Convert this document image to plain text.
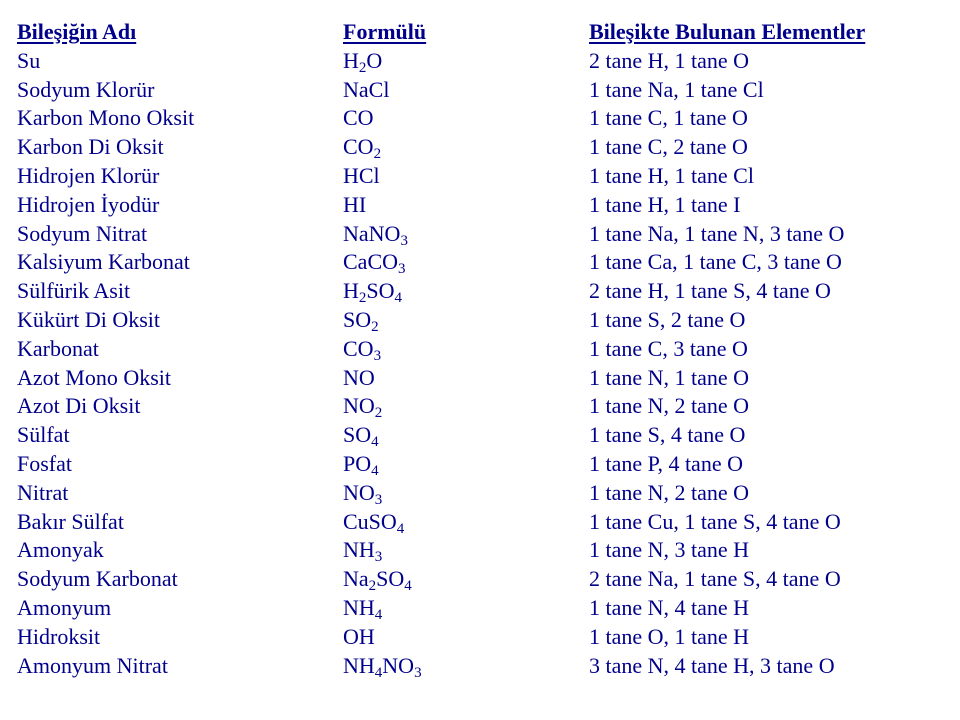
Bileşiğin Adı	Formülü	Bileşikte Bulunan Elementler
Su	$H_2O$	2 tane H, 1 tane O
Sodyum Klorür	NaCl	1 tane Na, 1 tane Cl
Karbon Mono Oksit	CO	1 tane C, 1 tane O
Karbon Di Oksit	$CO_2$	1 tane C, 2 tane O
Hidrojen Klorür	HCl	1 tane H, 1 tane Cl
Hidrojen İyodür	HI	1 tane H, 1 tane I
Sodyum Nitrat	NaNO$_3$	1 tane Na, 1 tane N, 3 tane O
Kalsiyum Karbonat	CaCO$_3$	1 tane Ca, 1 tane C, 3 tane O
Sülfürik Asit	$H_2SO_4$	2 tane H, 1 tane S, 4 tane O
Kükürt Di Oksit	$SO_2$	1 tane S, 2 tane O
Karbonat	$CO_3$	1 tane C, 3 tane O
Azot Mono Oksit	NO	1 tane N, 1 tane O
Azot Di Oksit	$NO_2$	1 tane N, 2 tane O
Sülfat	$SO_4$	1 tane S, 4 tane O
Fosfat	$PO_4$	1 tane P, 4 tane O
Nitrat	$NO_3$	1 tane N, 2 tane O
Bakır Sülfat	CuSO$_4$	1 tane Cu, 1 tane S, 4 tane O
Amonyak	$NH_3$	1 tane N, 3 tane H
Sodyum Karbonat	$Na_2SO_4$	2 tane Na, 1 tane S, 4 tane O
Amonyum	$NH_4$	1 tane N, 4 tane H
Hidroksit	OH	1 tane O, 1 tane H
Amonyum Nitrat	$NH_4NO_3$	3 tane N, 4 tane H, 3 tane O
